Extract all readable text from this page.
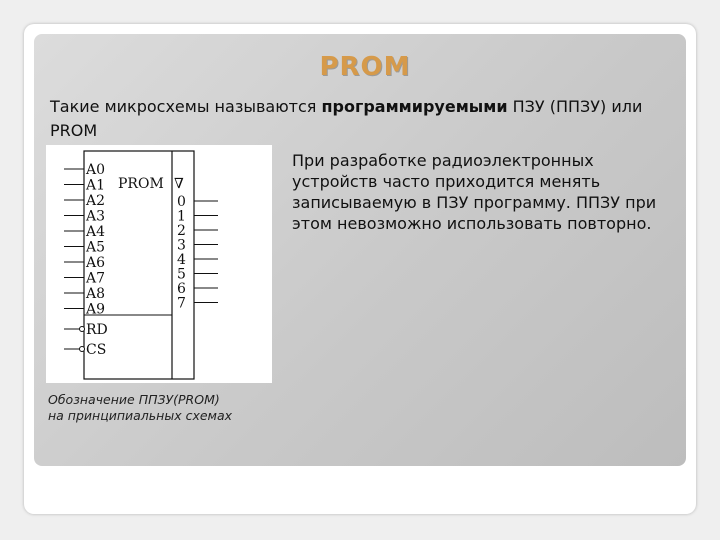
PROM
Такие микросхемы называются программируемыми ПЗУ (ППЗУ) или PROM
PROM ∇
A0
A1
A2
A3
A4
A5
A6
A7
A8
A9
0
1
2
3
4
5
6
7
RD
CS
Обозначение ППЗУ(PROM)
на принципиальных схемах
При разработке радиоэлектронных устройств часто приходится менять записываемую в ПЗУ программу. ППЗУ при этом невозможно использовать повторно.
